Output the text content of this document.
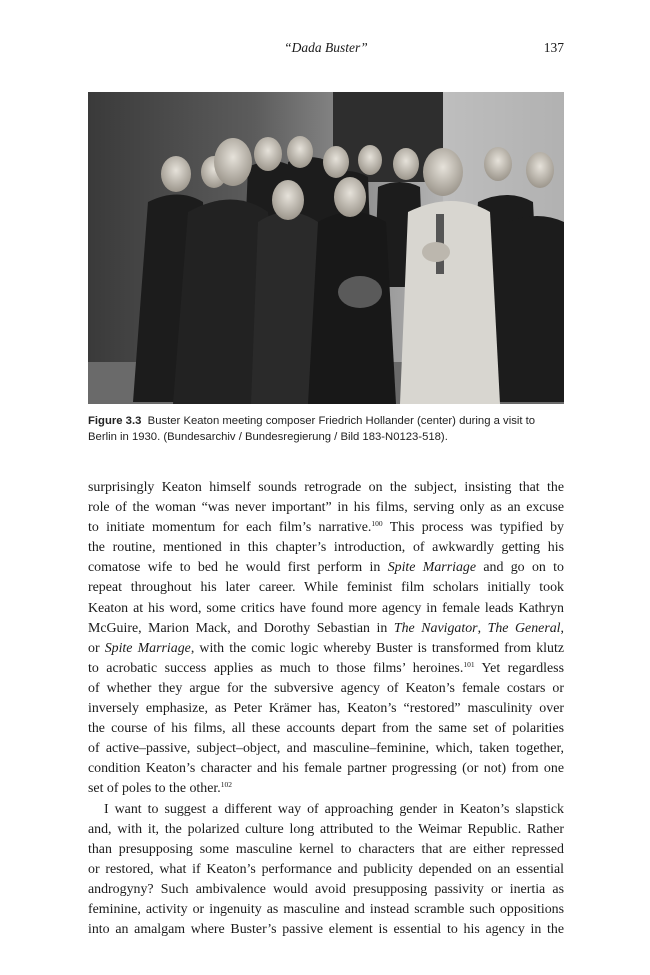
“Dada Buster”	137
Figure 3.3 Buster Keaton meeting composer Friedrich Hollander (center) during a visit to
Berlin in 1930. (Bundesarchiv / Bundesregierung / Bild 183-N0123-518).
surprisingly Keaton himself sounds retrograde on the subject, insisting that the
role of the woman “was never important” in his films, serving only as an excuse
to initiate momentum for each film’s narrative.$^{100}$ This process was typified by
the routine, mentioned in this chapter’s introduction, of awkwardly getting his
comatose wife to bed he would first perform in Spite Marriage and go on to
repeat throughout his later career. While feminist film scholars initially took
Keaton at his word, some critics have found more agency in female leads Kathryn
McGuire, Marion Mack, and Dorothy Sebastian in The Navigator, The General,
or Spite Marriage, with the comic logic whereby Buster is transformed from klutz
to acrobatic success applies as much to those films’ heroines.$^{101}$ Yet regardless
of whether they argue for the subversive agency of Keaton’s female costars or
inversely emphasize, as Peter Krämer has, Keaton’s “restored” masculinity over
the course of his films, all these accounts depart from the same set of polarities
of active–passive, subject–object, and masculine–feminine, which, taken together,
condition Keaton’s character and his female partner progressing (or not) from one
set of poles to the other.$^{102}$
I want to suggest a different way of approaching gender in Keaton’s slapstick
and, with it, the polarized culture long attributed to the Weimar Republic. Rather
than presupposing some masculine kernel to characters that are either repressed
or restored, what if Keaton’s performance and publicity depended on an essential
androgyny? Such ambivalence would avoid presupposing passivity or inertia as
feminine, activity or ingenuity as masculine and instead scramble such oppositions
into an amalgam where Buster’s passive element is essential to his agency in the
